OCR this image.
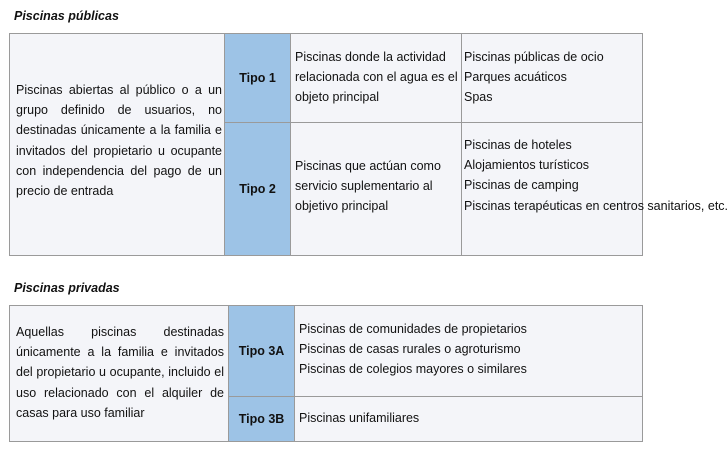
Piscinas públicas

Piscinas abiertas al público o a un grupo definido de usuarios, no destinadas únicamente a la familia e invitados del propietario u ocupante con independencia del pago de un precio de entrada
Tipo 1
Tipo 2
Piscinas donde la actividad relacionada con el agua es el objeto principal
Piscinas que actúan como servicio suplementario al objetivo principal
Piscinas públicas de ocio
Parques acuáticos
Spas
Piscinas de hoteles
Alojamientos turísticos
Piscinas de camping
Piscinas terapéuticas en centros sanitarios, etc.

Piscinas privadas

Aquellas piscinas destinadas únicamente a la familia e invitados del propietario u ocupante, incluido el uso relacionado con el alquiler de casas para uso familiar
Tipo 3A
Tipo 3B
Piscinas de comunidades de propietarios
Piscinas de casas rurales o agroturismo
Piscinas de colegios mayores o similares
Piscinas unifamiliares
